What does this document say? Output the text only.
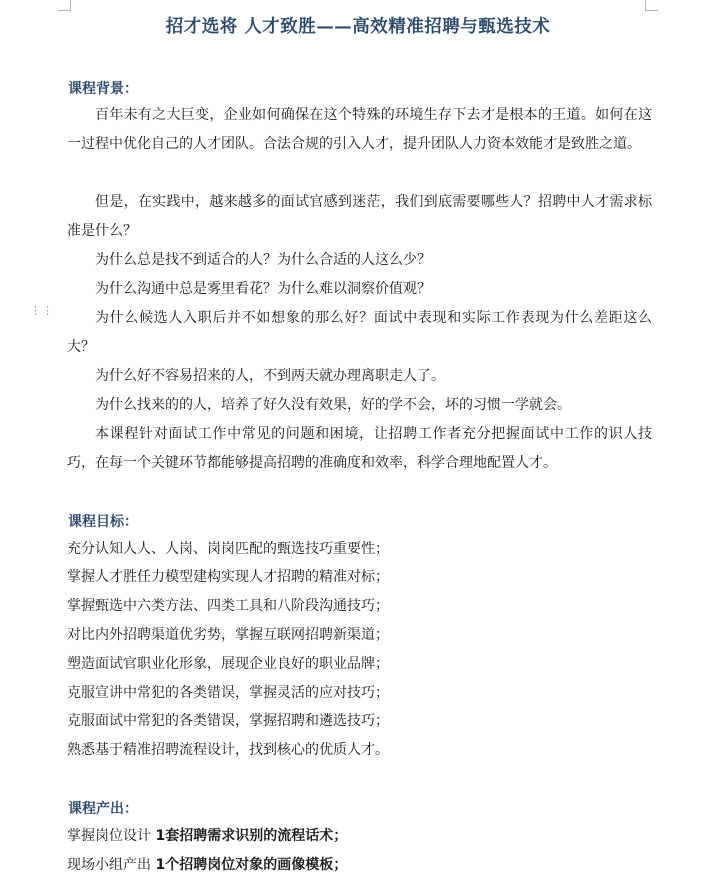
⋮⋮
招才选将 人才致胜——高效精准招聘与甄选技术
课程背景：
百年未有之大巨变，企业如何确保在这个特殊的环境生存下去才是根本的王道。如何在这一过程中优化自己的人才团队。合法合规的引入人才，提升团队人力资本效能才是致胜之道。
但是，在实践中，越来越多的面试官感到迷茫，我们到底需要哪些人？招聘中人才需求标准是什么？
为什么总是找不到适合的人？为什么合适的人这么少？
为什么沟通中总是雾里看花？为什么难以洞察价值观？
为什么候选人入职后并不如想象的那么好？面试中表现和实际工作表现为什么差距这么大？
为什么好不容易招来的人，不到两天就办理离职走人了。
为什么找来的的人，培养了好久没有效果，好的学不会，坏的习惯一学就会。
本课程针对面试工作中常见的问题和困境，让招聘工作者充分把握面试中工作的识人技巧，在每一个关键环节都能够提高招聘的准确度和效率，科学合理地配置人才。
课程目标：
充分认知人人、人岗、岗岗匹配的甄选技巧重要性；
掌握人才胜任力模型建构实现人才招聘的精准对标；
掌握甄选中六类方法、四类工具和八阶段沟通技巧；
对比内外招聘渠道优劣势，掌握互联网招聘新渠道；
塑造面试官职业化形象，展现企业良好的职业品牌；
克服宣讲中常犯的各类错误，掌握灵活的应对技巧；
克服面试中常犯的各类错误，掌握招聘和遴选技巧；
熟悉基于精准招聘流程设计，找到核心的优质人才。
课程产出：
掌握岗位设计 1套招聘需求识别的流程话术；
现场小组产出 1个招聘岗位对象的画像模板；
